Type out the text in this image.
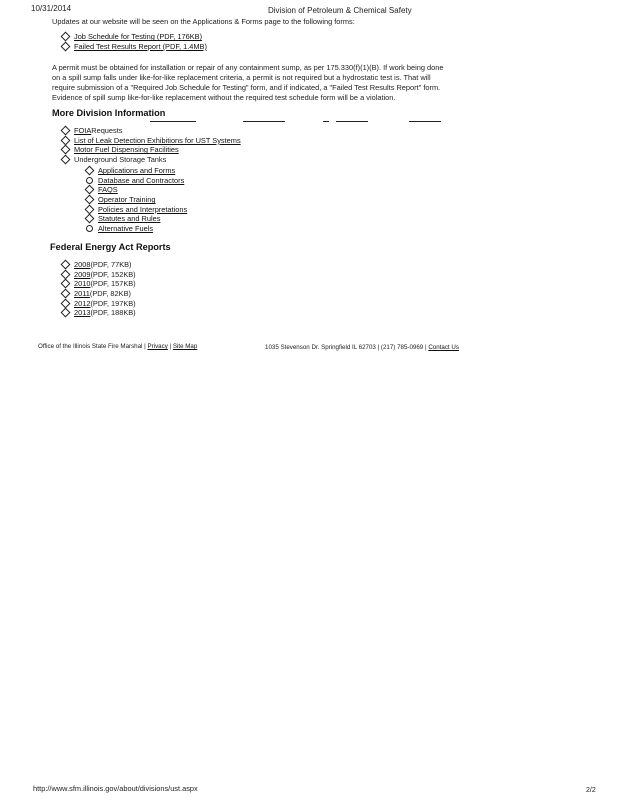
10/31/2014	Division of Petroleum & Chemical Safety
Updates at our website will be seen on the Applications & Forms page to the following forms:
Job Schedule for Testing (PDF, 176KB)
Failed Test Results Report (PDF, 1.4MB)
A permit must be obtained for installation or repair of any containment sump, as per 175.330(f)(1)(B). If work being done
on a spill sump falls under like-for-like replacement criteria, a permit is not required but a hydrostatic test is. That will
require submission of a "Required Job Schedule for Testing" form, and if indicated, a "Failed Test Results Report" form.
Evidence of spill sump like-for-like replacement without the required test schedule form will be a violation.
More Division Information
FOIA Requests
List of Leak Detection Exhibitions for UST Systems
Motor Fuel Dispensing Facilities
Underground Storage Tanks
Applications and Forms
Database and Contractors
FAQS
Operator Training
Policies and Interpretations
Statutes and Rules
Alternative Fuels
Federal Energy Act Reports
2008 (PDF, 77KB)
2009 (PDF, 152KB)
2010 (PDF, 157KB)
2011 (PDF, 82KB)
2012 (PDF, 197KB)
2013 (PDF, 188KB)
Office of the Illinois State Fire Marshal | Privacy | Site Map	1035 Stevenson Dr. Springfield IL 62703 | (217) 785-0969 | Contact Us
http://www.sfm.illinois.gov/about/divisions/ust.aspx	2/2
